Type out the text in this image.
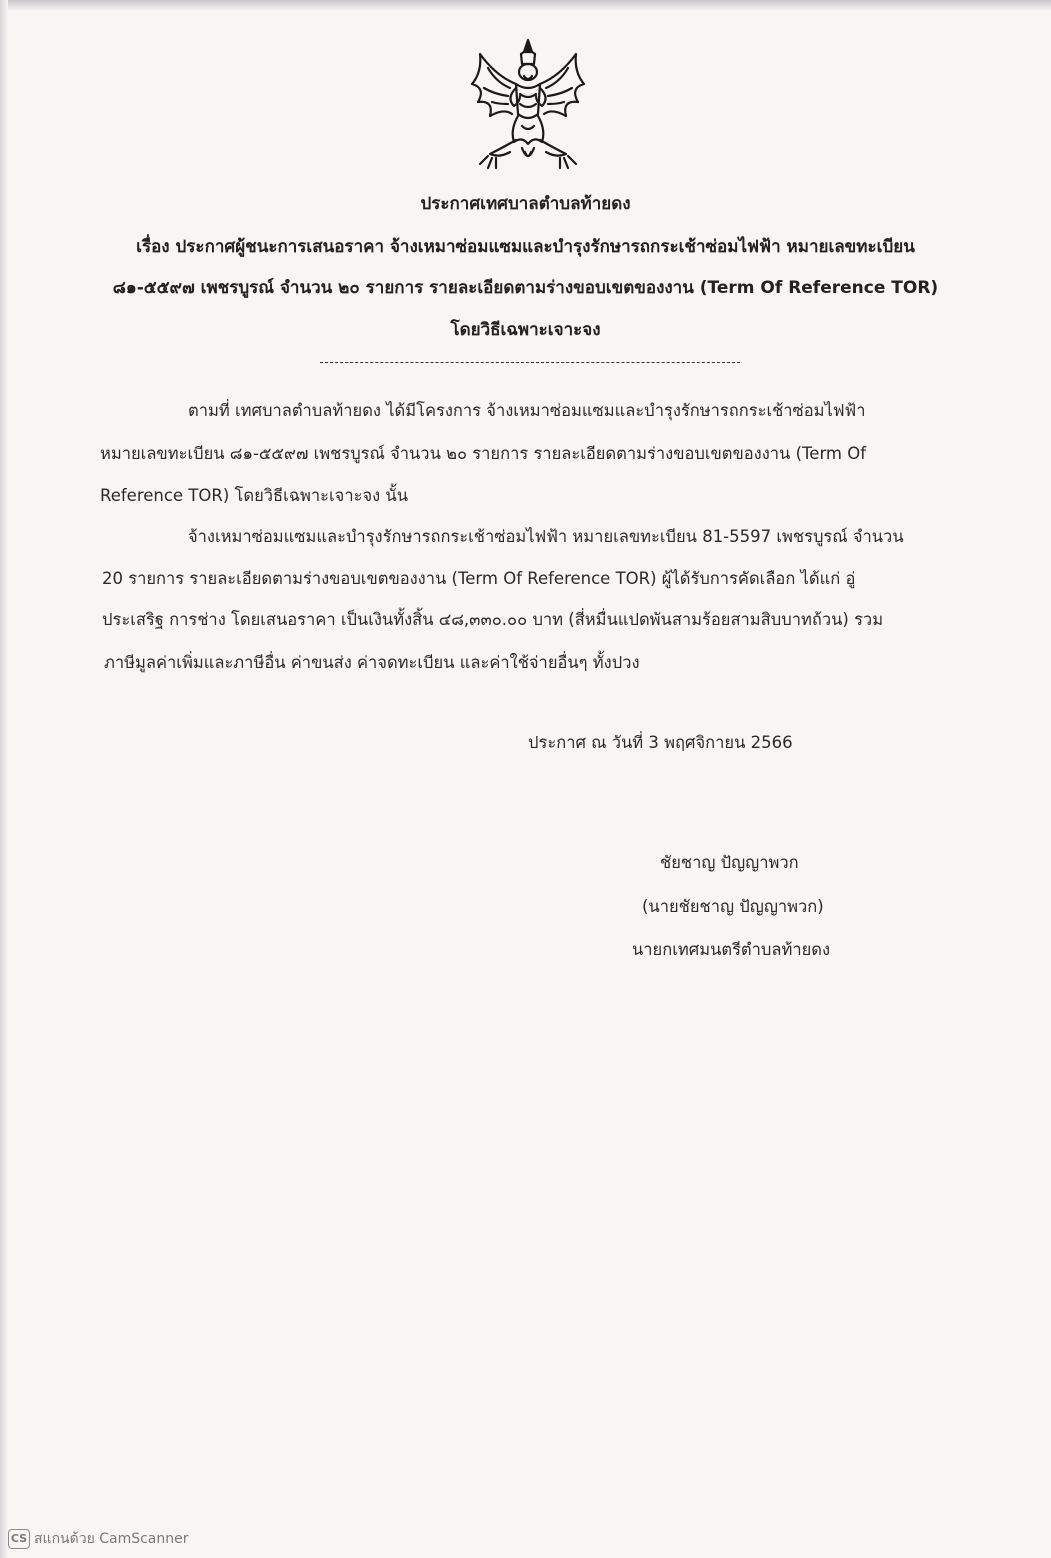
ประกาศเทศบาลตำบลท้ายดง
เรื่อง ประกาศผู้ชนะการเสนอราคา จ้างเหมาซ่อมแซมและบำรุงรักษารถกระเช้าซ่อมไฟฟ้า หมายเลขทะเบียน
๘๑-๕๕๙๗ เพชรบูรณ์ จำนวน ๒๐ รายการ รายละเอียดตามร่างขอบเขตของงาน (Term Of Reference TOR)
โดยวิธีเฉพาะเจาะจง
ตามที่ เทศบาลตำบลท้ายดง ได้มีโครงการ จ้างเหมาซ่อมแซมและบำรุงรักษารถกระเช้าซ่อมไฟฟ้า
หมายเลขทะเบียน ๘๑-๕๕๙๗ เพชรบูรณ์ จำนวน ๒๐ รายการ รายละเอียดตามร่างขอบเขตของงาน (Term Of
Reference TOR) โดยวิธีเฉพาะเจาะจง นั้น
จ้างเหมาซ่อมแซมและบำรุงรักษารถกระเช้าซ่อมไฟฟ้า หมายเลขทะเบียน 81-5597 เพชรบูรณ์ จำนวน
20 รายการ รายละเอียดตามร่างขอบเขตของงาน (Term Of Reference TOR) ผู้ได้รับการคัดเลือก ได้แก่ อู่
ประเสริฐ การช่าง โดยเสนอราคา เป็นเงินทั้งสิ้น ๔๘,๓๓๐.๐๐ บาท (สี่หมื่นแปดพันสามร้อยสามสิบบาทถ้วน) รวม
ภาษีมูลค่าเพิ่มและภาษีอื่น ค่าขนส่ง ค่าจดทะเบียน และค่าใช้จ่ายอื่นๆ ทั้งปวง
ประกาศ ณ วันที่ 3 พฤศจิกายน 2566
ชัยชาญ ปัญญาพวก
(นายชัยชาญ ปัญญาพวก)
นายกเทศมนตรีตำบลท้ายดง
CS สแกนด้วย CamScanner
